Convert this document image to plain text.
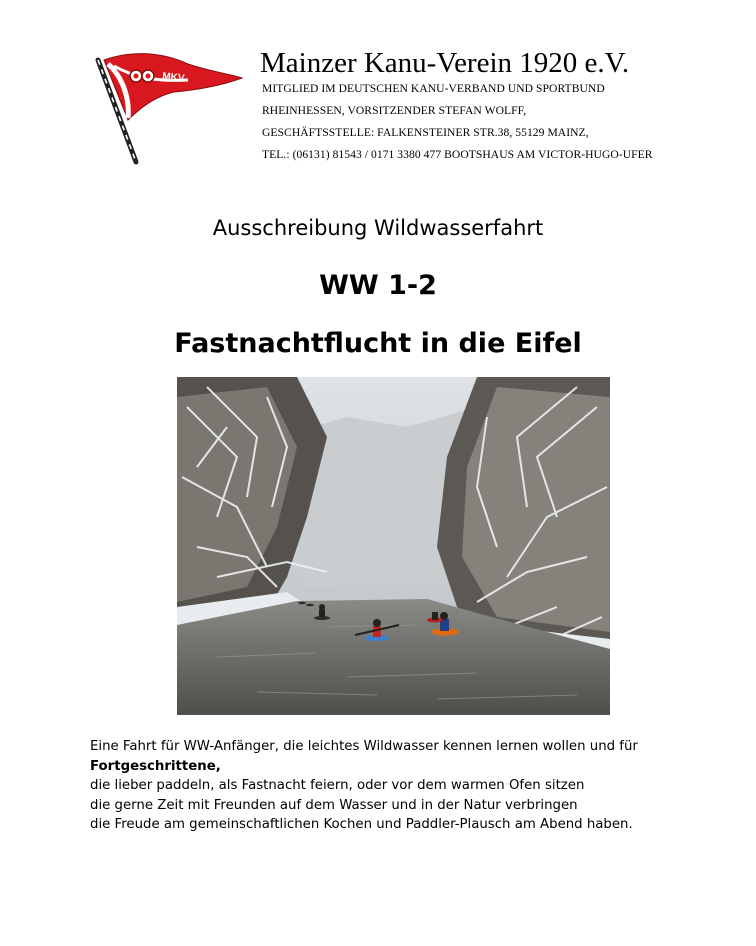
MKV	Mainzer Kanu-Verein 1920 e.V.
MITGLIED IM DEUTSCHEN KANU-VERBAND UND SPORTBUND
RHEINHESSEN, VORSITZENDER STEFAN WOLFF,
GESCHÄFTSSTELLE: FALKENSTEINER STR.38, 55129 MAINZ,
TEL.: (06131) 81543 / 0171 3380 477 BOOTSHAUS AM VICTOR-HUGO-UFER
Ausschreibung Wildwasserfahrt
WW 1-2
Fastnachtflucht in die Eifel
Eine Fahrt für WW-Anfänger, die leichtes Wildwasser kennen lernen wollen und für
Fortgeschrittene,
die lieber paddeln, als Fastnacht feiern, oder vor dem warmen Ofen sitzen
die gerne Zeit mit Freunden auf dem Wasser und in der Natur verbringen
die Freude am gemeinschaftlichen Kochen und Paddler-Plausch am Abend haben.
